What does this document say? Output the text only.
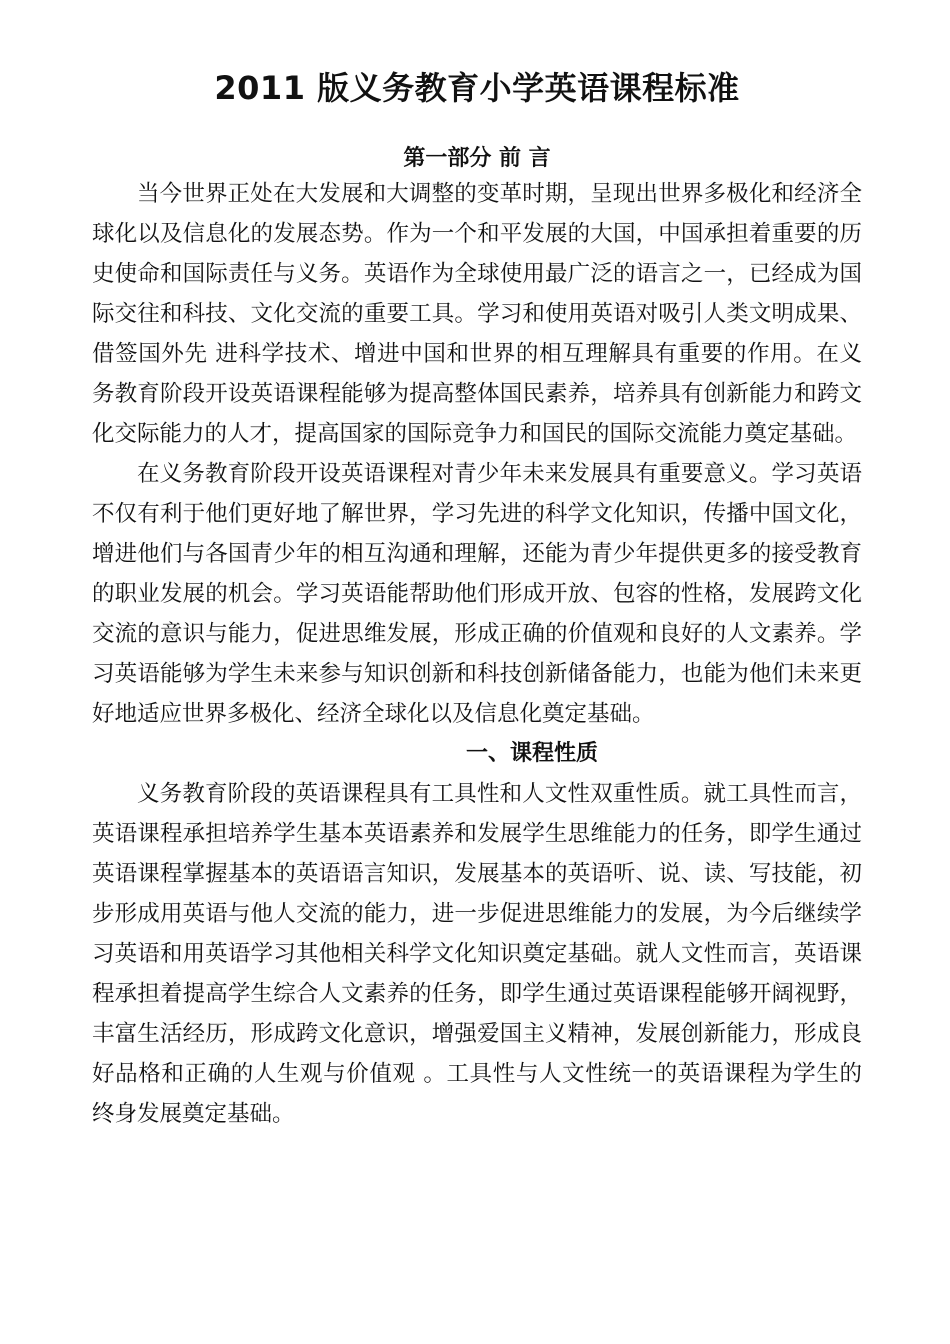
2011 版义务教育小学英语课程标准
第一部分 前 言

当今世界正处在大发展和大调整的变革时期，呈现出世界多极化和经济全球化以及信息化的发展态势。作为一个和平发展的大国，中国承担着重要的历史使命和国际责任与义务。英语作为全球使用最广泛的语言之一，已经成为国际交往和科技、文化交流的重要工具。学习和使用英语对吸引人类文明成果、借签国外先 进科学技术、增进中国和世界的相互理解具有重要的作用。在义务教育阶段开设英语课程能够为提高整体国民素养，培养具有创新能力和跨文化交际能力的人才，提高国家的国际竞争力和国民的国际交流能力奠定基础。

在义务教育阶段开设英语课程对青少年未来发展具有重要意义。学习英语不仅有利于他们更好地了解世界，学习先进的科学文化知识，传播中国文化，增进他们与各国青少年的相互沟通和理解，还能为青少年提供更多的接受教育的职业发展的机会。学习英语能帮助他们形成开放、包容的性格，发展跨文化交流的意识与能力，促进思维发展，形成正确的价值观和良好的人文素养。学习英语能够为学生未来参与知识创新和科技创新储备能力，也能为他们未来更好地适应世界多极化、经济全球化以及信息化奠定基础。

一、课程性质

义务教育阶段的英语课程具有工具性和人文性双重性质。就工具性而言，英语课程承担培养学生基本英语素养和发展学生思维能力的任务，即学生通过英语课程掌握基本的英语语言知识，发展基本的英语听、说、读、写技能，初步形成用英语与他人交流的能力，进一步促进思维能力的发展，为今后继续学习英语和用英语学习其他相关科学文化知识奠定基础。就人文性而言，英语课程承担着提高学生综合人文素养的任务，即学生通过英语课程能够开阔视野，丰富生活经历，形成跨文化意识，增强爱国主义精神，发展创新能力，形成良好品格和正确的人生观与价值观 。工具性与人文性统一的英语课程为学生的终身发展奠定基础。
